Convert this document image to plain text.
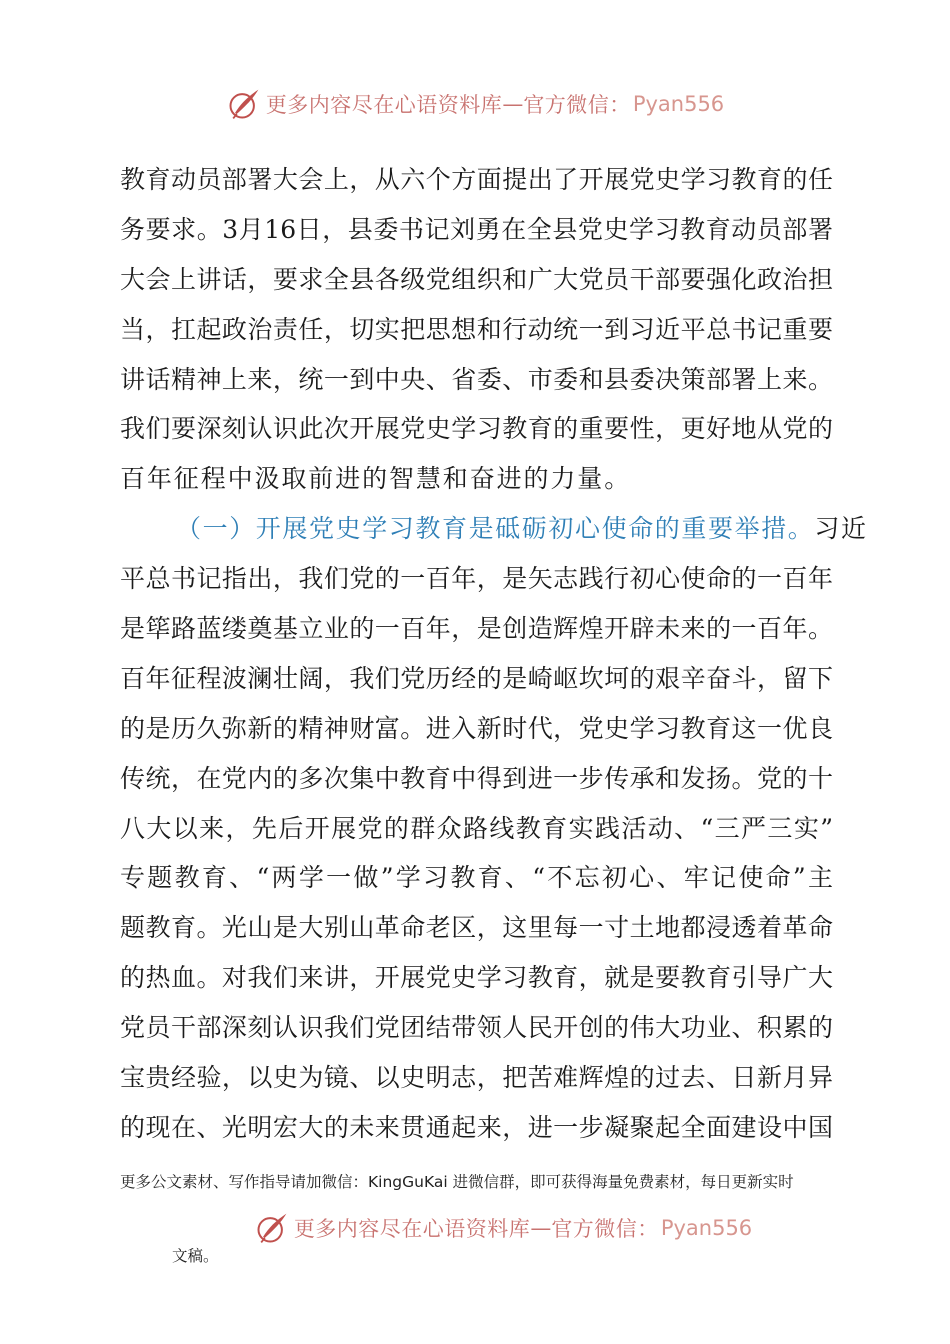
更多内容尽在心语资料库 — 官方微信： Pyan556
教育动员部署大会上，从六个方面提出了开展党史学习教育的任
务要求。3月16日，县委书记刘勇在全县党史学习教育动员部署
大会上讲话，要求全县各级党组织和广大党员干部要强化政治担
当，扛起政治责任，切实把思想和行动统一到习近平总书记重要
讲话精神上来，统一到中央、省委、市委和县委决策部署上来。
我们要深刻认识此次开展党史学习教育的重要性，更好地从党的
百年征程中汲取前进的智慧和奋进的力量。
（一）开展党史学习教育是砥砺初心使命的重要举措。习近
平总书记指出，我们党的一百年，是矢志践行初心使命的一百年
是筚路蓝缕奠基立业的一百年，是创造辉煌开辟未来的一百年。
百年征程波澜壮阔，我们党历经的是崎岖坎坷的艰辛奋斗，留下
的是历久弥新的精神财富。进入新时代，党史学习教育这一优良
传统，在党内的多次集中教育中得到进一步传承和发扬。党的十
八大以来，先后开展党的群众路线教育实践活动、“三严三实”
专题教育、“两学一做”学习教育、“不忘初心、牢记使命”主
题教育。光山是大别山革命老区，这里每一寸土地都浸透着革命
的热血。对我们来讲，开展党史学习教育，就是要教育引导广大
党员干部深刻认识我们党团结带领人民开创的伟大功业、积累的
宝贵经验，以史为镜、以史明志，把苦难辉煌的过去、日新月异
的现在、光明宏大的未来贯通起来，进一步凝聚起全面建设中国
更多公文素材、写作指导请加微信：KingGuKai 进微信群，即可获得海量免费素材，每日更新实时
更多内容尽在心语资料库 — 官方微信： Pyan556
文稿。
